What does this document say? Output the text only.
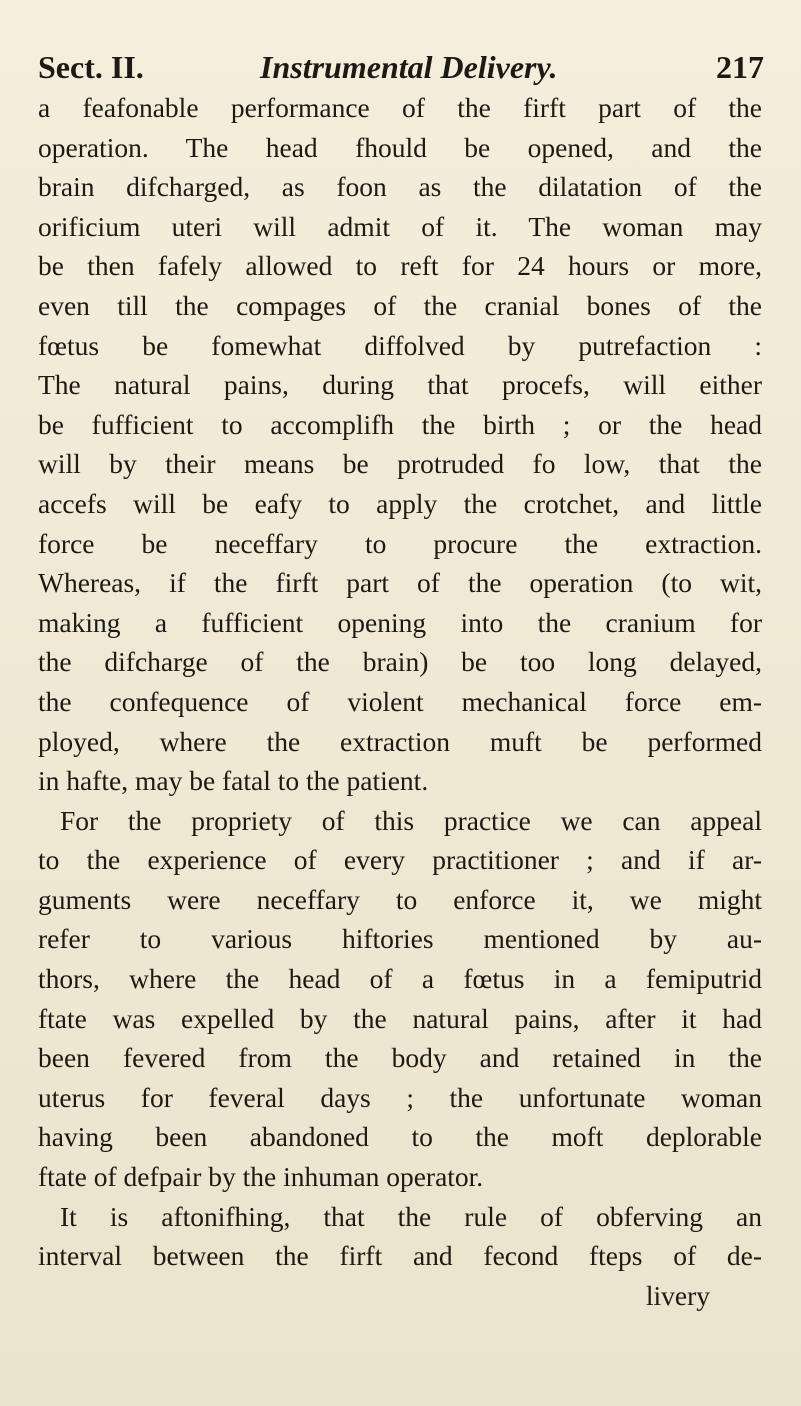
Sect. II.	Instrumental Delivery.	217
a feafonable performance of the firft part of the
operation. The head fhould be opened, and the
brain difcharged, as foon as the dilatation of the
orificium uteri will admit of it. The woman may
be then fafely allowed to reft for 24 hours or more,
even till the compages of the cranial bones of the
fœtus be fomewhat diffolved by putrefaction :
The natural pains, during that procefs, will either
be fufficient to accomplifh the birth ; or the head
will by their means be protruded fo low, that the
accefs will be eafy to apply the crotchet, and little
force be neceffary to procure the extraction.
Whereas, if the firft part of the operation (to wit,
making a fufficient opening into the cranium for
the difcharge of the brain) be too long delayed,
the confequence of violent mechanical force em-
ployed, where the extraction muft be performed
in hafte, may be fatal to the patient.
For the propriety of this practice we can appeal
to the experience of every practitioner ; and if ar-
guments were neceffary to enforce it, we might
refer to various hiftories mentioned by au-
thors, where the head of a fœtus in a femiputrid
ftate was expelled by the natural pains, after it had
been fevered from the body and retained in the
uterus for feveral days ; the unfortunate woman
having been abandoned to the moft deplorable
ftate of defpair by the inhuman operator.
It is aftonifhing, that the rule of obferving an
interval between the firft and fecond fteps of de-
livery
